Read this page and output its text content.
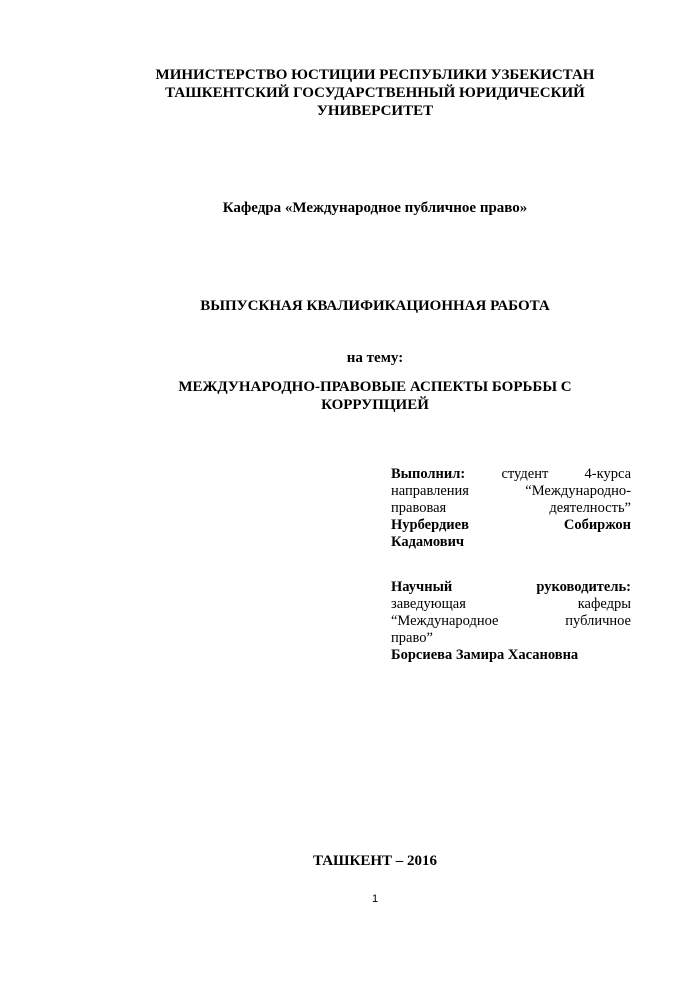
МИНИСТЕРСТВО ЮСТИЦИИ РЕСПУБЛИКИ УЗБЕКИСТАН
ТАШКЕНТСКИЙ ГОСУДАРСТВЕННЫЙ ЮРИДИЧЕСКИЙ
УНИВЕРСИТЕТ
Кафедра «Международное публичное право»
ВЫПУСКНАЯ КВАЛИФИКАЦИОННАЯ РАБОТА
на тему:
МЕЖДУНАРОДНО-ПРАВОВЫЕ АСПЕКТЫ БОРЬБЫ С
КОРРУПЦИЕЙ
Выполнил:	студент	4-курса
направления	“Международно-
правовая	деятелность”
Нурбердиев	Собиржон
Кадамович
Научный	руководитель:
заведующая	кафедры
“Международное	публичное
право”
Борсиева Замира Хасановна
ТАШКЕНТ – 2016
1
